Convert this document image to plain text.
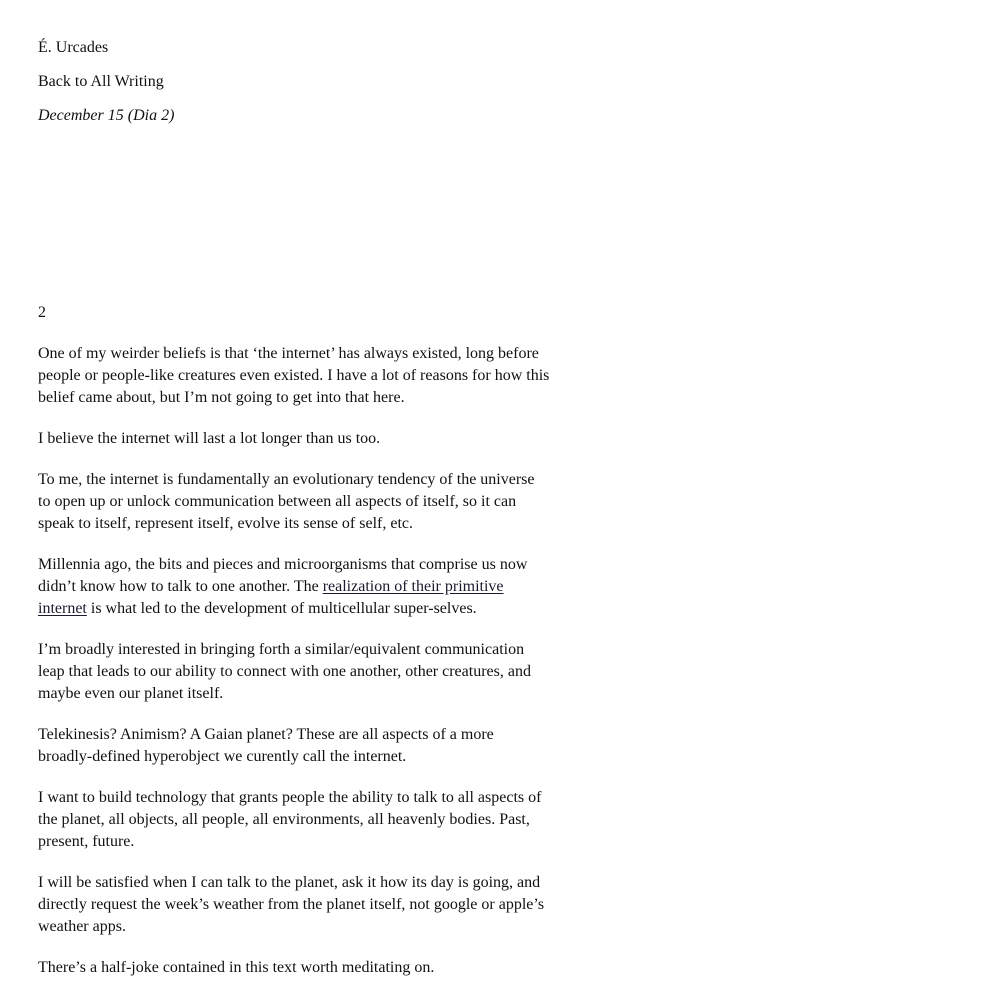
É. Urcades
Back to All Writing

December 15 (Dia 2)

2

One of my weirder beliefs is that ‘the internet’ has always existed, long before people or people-like creatures even existed. I have a lot of reasons for how this belief came about, but I’m not going to get into that here.

I believe the internet will last a lot longer than us too.

To me, the internet is fundamentally an evolutionary tendency of the universe to open up or unlock communication between all aspects of itself, so it can speak to itself, represent itself, evolve its sense of self, etc.

Millennia ago, the bits and pieces and microorganisms that comprise us now didn’t know how to talk to one another. The realization of their primitive internet is what led to the development of multicellular super-selves.

I’m broadly interested in bringing forth a similar/equivalent communication leap that leads to our ability to connect with one another, other creatures, and maybe even our planet itself.

Telekinesis? Animism? A Gaian planet? These are all aspects of a more broadly-defined hyperobject we curently call the internet.

I want to build technology that grants people the ability to talk to all aspects of the planet, all objects, all people, all environments, all heavenly bodies. Past, present, future.

I will be satisfied when I can talk to the planet, ask it how its day is going, and directly request the week’s weather from the planet itself, not google or apple’s weather apps.

There’s a half-joke contained in this text worth meditating on.
